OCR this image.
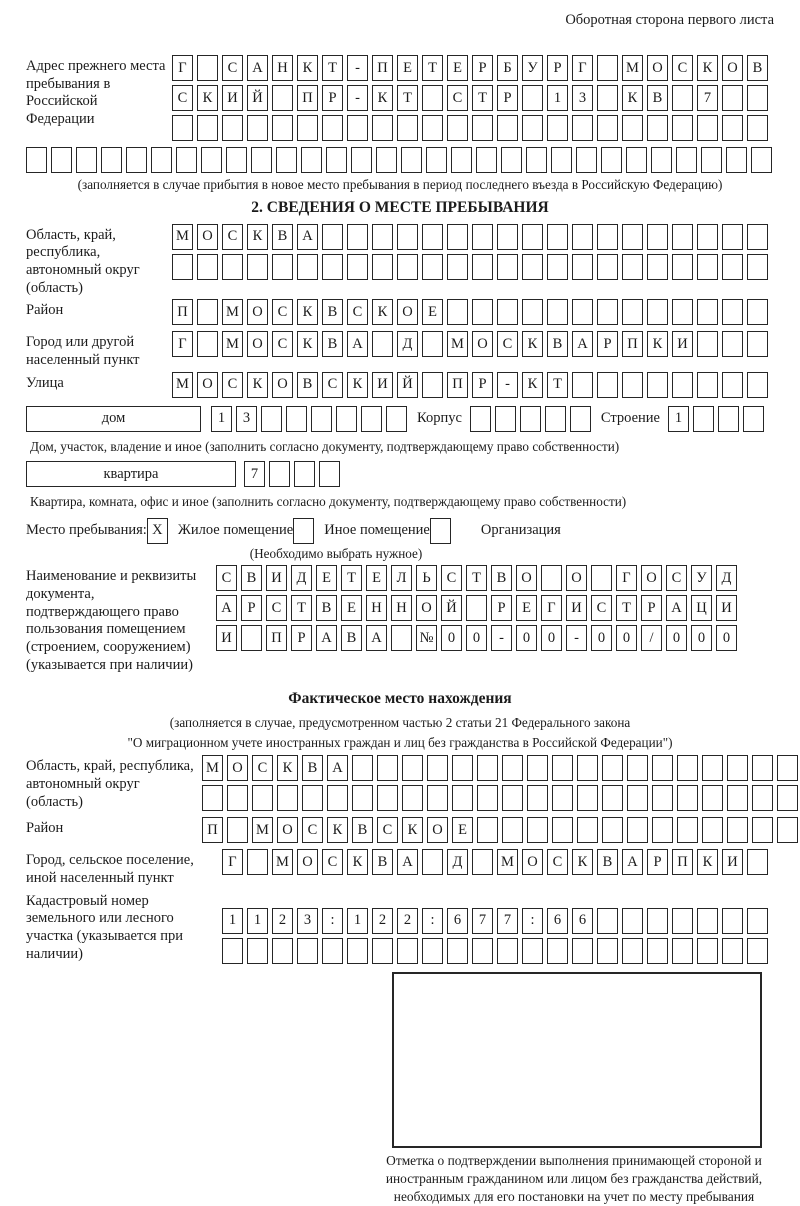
Оборотная сторона первого листа
Адрес прежнего места пребывания в Российской Федерации
Г	С	А	Н	К	Т	-	П	Е	Т	Е	Р	Б	У	Р	Г	М О	С	К	О	В
С	К	И	Й	П	Р	-	К	Т	С	Т	Р	1	3	К	В	7
(заполняется в случае прибытия в новое место пребывания в период последнего въезда в Российскую Федерацию)
2. СВЕДЕНИЯ О МЕСТЕ ПРЕБЫВАНИЯ
Область, край, республика, автономный округ (область)
М О	С	К	В	А
Район	П	М О	С	К	В	С	К	О	Е
Город или другой населенный пункт
Г	М О	С	К	В	А	Д	М О	С	К	В	А	Р	П	К	И
Улица	М О	С	К	О	В	С	К	И	Й	П	Р	-	К	Т
дом	1	3	Корпус	Строение	1
Дом, участок, владение и иное (заполнить согласно документу, подтверждающему право собственности)
квартира	7
Квартира, комната, офис и иное (заполнить согласно документу, подтверждающему право собственности)
Место пребывания: X	Жилое помещение Иное помещение	Организация
(Необходимо выбрать нужное)
Наименование и реквизиты документа, подтверждающего право пользования помещением (строением, сооружением) (указывается при наличии)
С	В	И	Д	Е	Т	Е	Л	Ь	С	Т	В	О	О	Г	О	С	У	Д
А	Р	С	Т	В	Е	Н	Н	О	Й	Р	Е	Г	И	С	Т	Р	А	Ц	И
И	П	Р	А	В	А	№ 0	0	-	0	0	-	0	0	/	0	0	0
Фактическое место нахождения
(заполняется в случае, предусмотренном частью 2 статьи 21 Федерального закона
"О миграционном учете иностранных граждан и лиц без гражданства в Российской Федерации")
Область, край, республика, автономный округ (область)
М О	С	К	В	А
Район	П	М О	С	К	В	С	К	О	Е
Город, сельское поселение, иной населенный пункт
Г	М О	С	К	В	А	Д	М О	С	К	В	А	Р	П	К	И
Кадастровый номер земельного или лесного участка (указывается при наличии)
1	1	2	3	:	1	2	2	:	6	7	7	:	6	6
Отметка о подтверждении выполнения принимающей стороной и иностранным гражданином или лицом без гражданства действий, необходимых для его постановки на учет по месту пребывания
